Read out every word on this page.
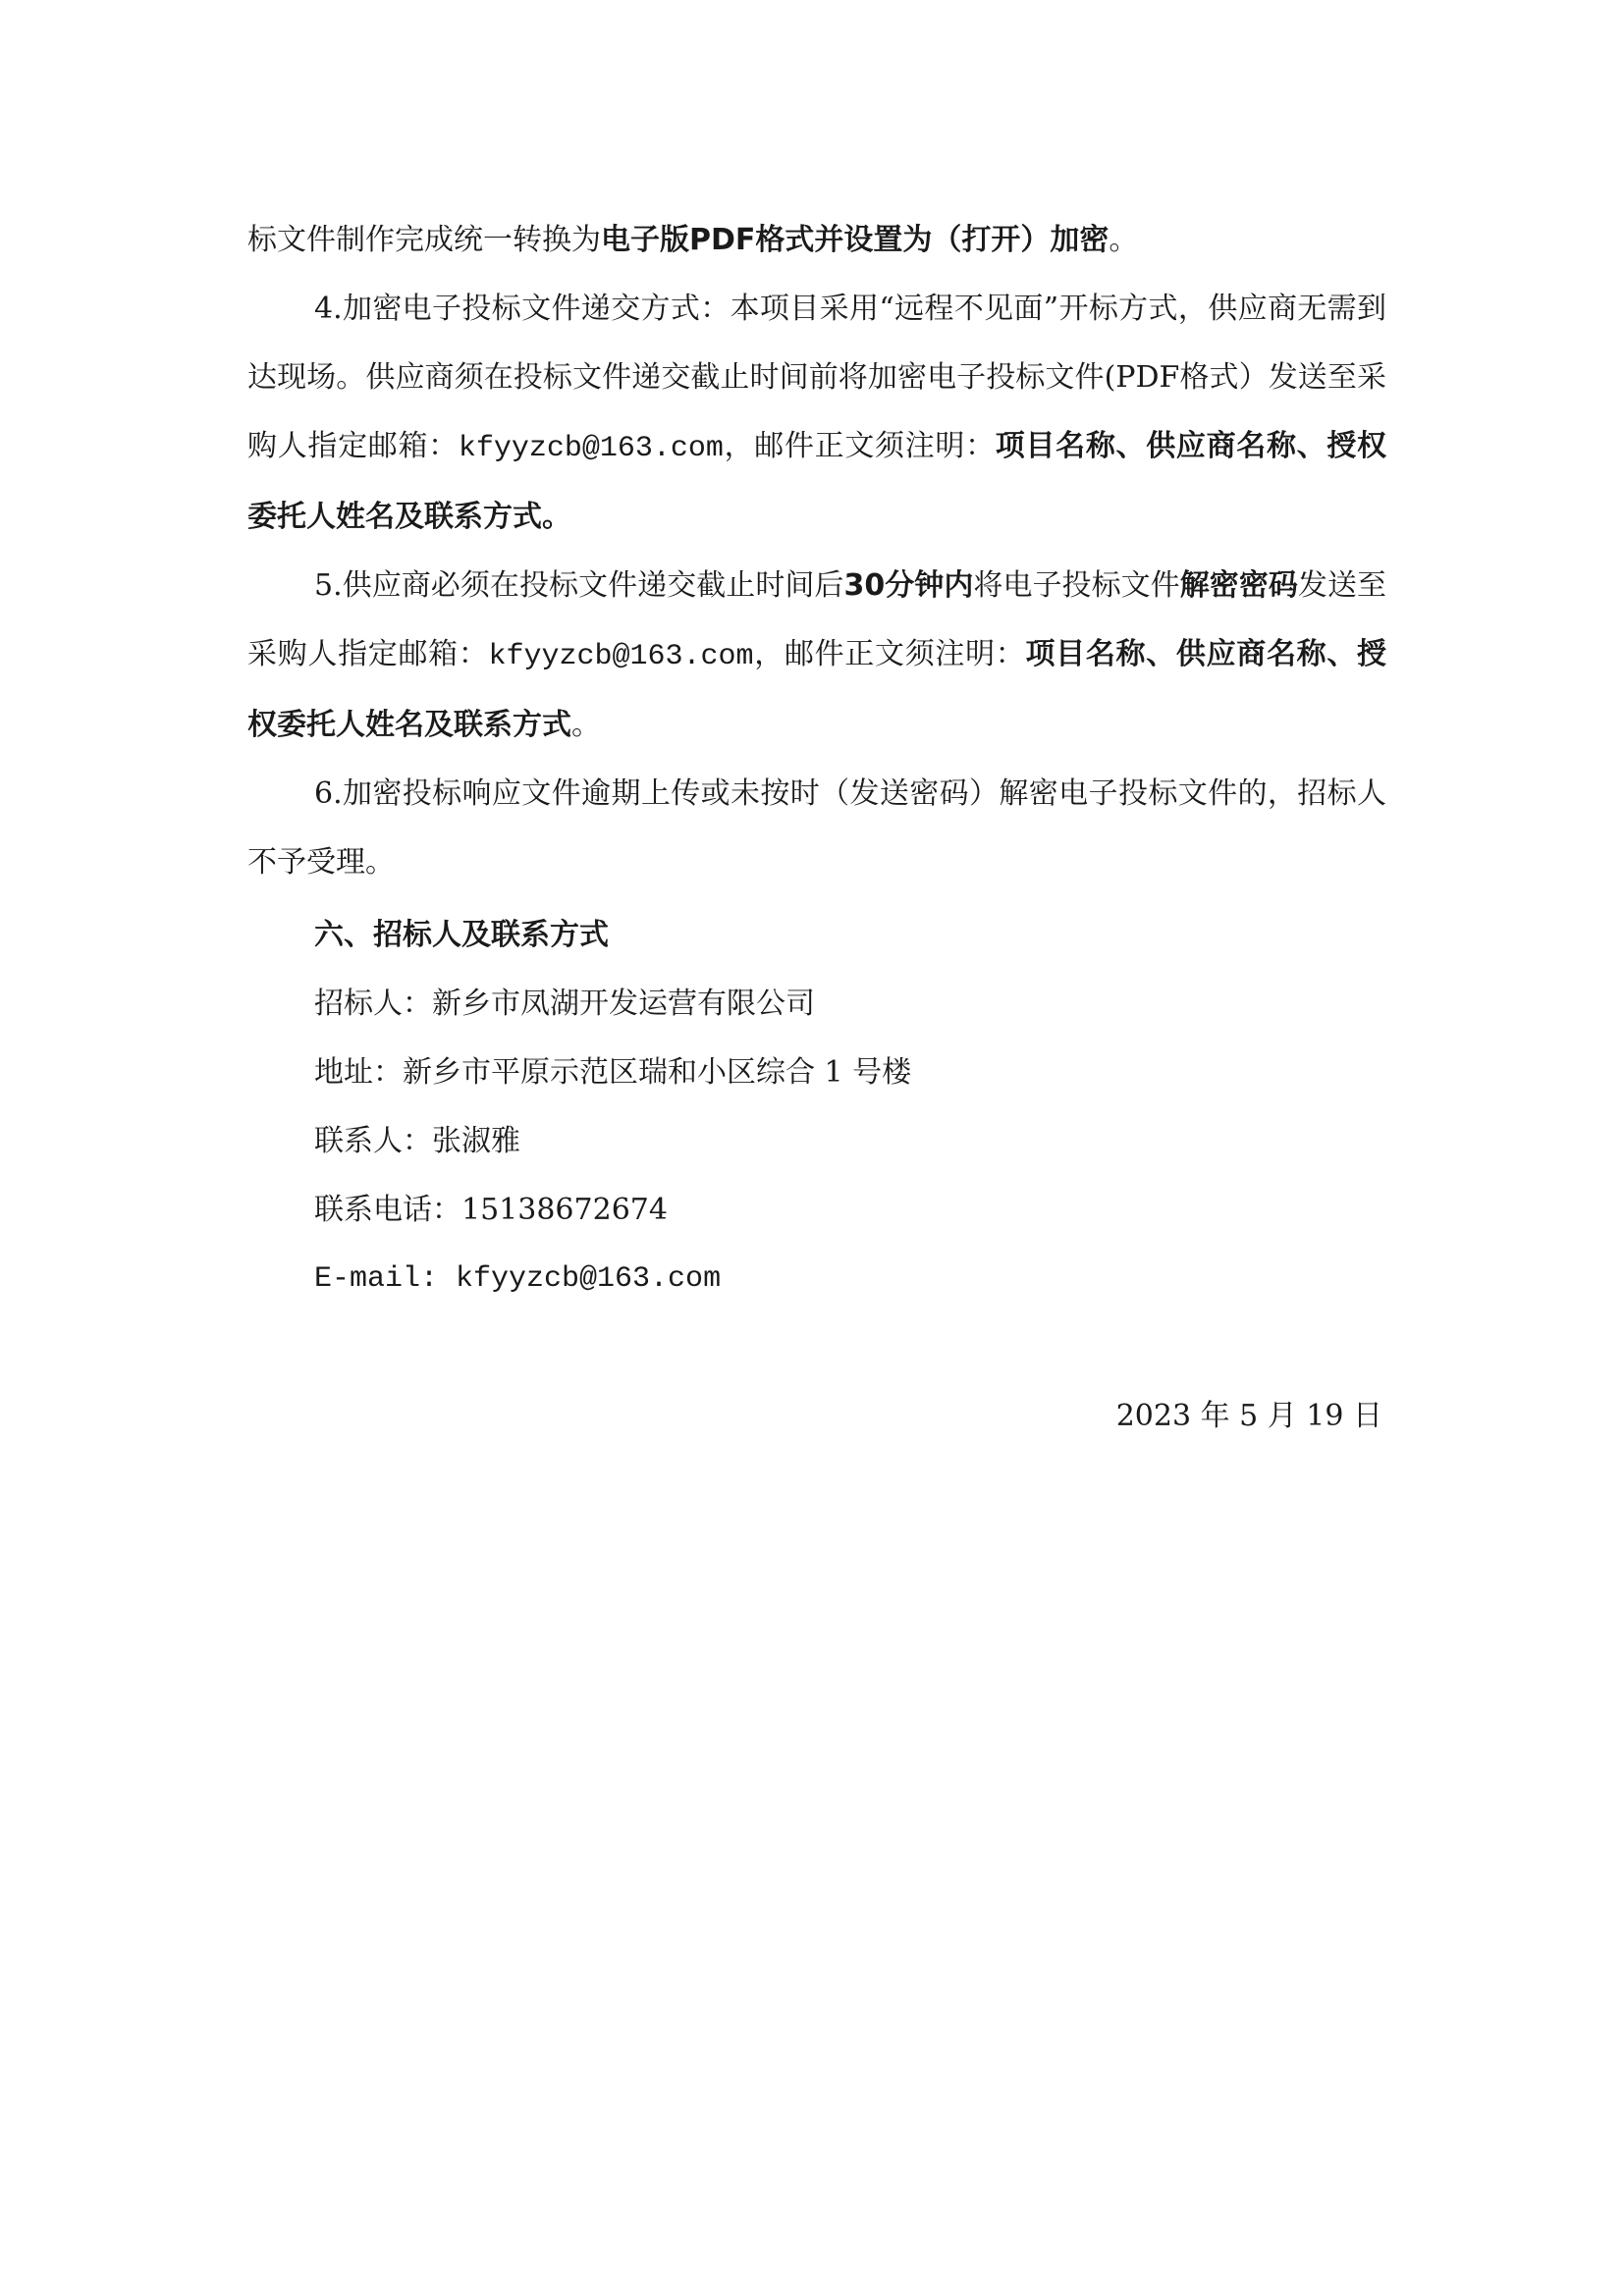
标文件制作完成统一转换为电子版PDF格式并设置为（打开）加密。

4.加密电子投标文件递交方式：本项目采用“远程不见面”开标方式，供应商无需到达现场。供应商须在投标文件递交截止时间前将加密电子投标文件(PDF格式）发送至采购人指定邮箱：kfyyzcb@163.com，邮件正文须注明：项目名称、供应商名称、授权委托人姓名及联系方式。

5.供应商必须在投标文件递交截止时间后30分钟内将电子投标文件解密密码发送至采购人指定邮箱：kfyyzcb@163.com，邮件正文须注明：项目名称、供应商名称、授权委托人姓名及联系方式。

6.加密投标响应文件逾期上传或未按时（发送密码）解密电子投标文件的，招标人不予受理。

六、招标人及联系方式

招标人：新乡市凤湖开发运营有限公司

地址：新乡市平原示范区瑞和小区综合 1 号楼

联系人：张淑雅

联系电话：15138672674

E-mail: kfyyzcb@163.com

2023 年 5 月 19 日
